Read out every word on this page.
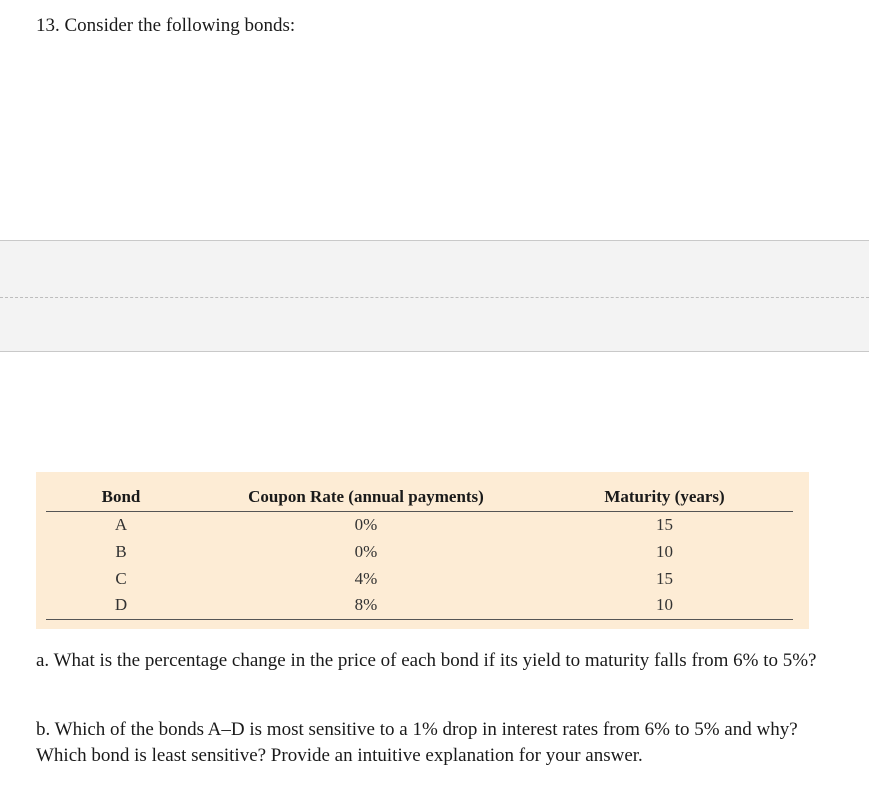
13. Consider the following bonds:
Bond	Coupon Rate (annual payments)	Maturity (years)
A	0%	15
B	0%	10
C	4%	15
D	8%	10

a. What is the percentage change in the price of each bond if its yield to maturity falls from 6% to 5%?

b. Which of the bonds A–D is most sensitive to a 1% drop in interest rates from 6% to 5% and why? Which bond is least sensitive? Provide an intuitive explanation for your answer.
